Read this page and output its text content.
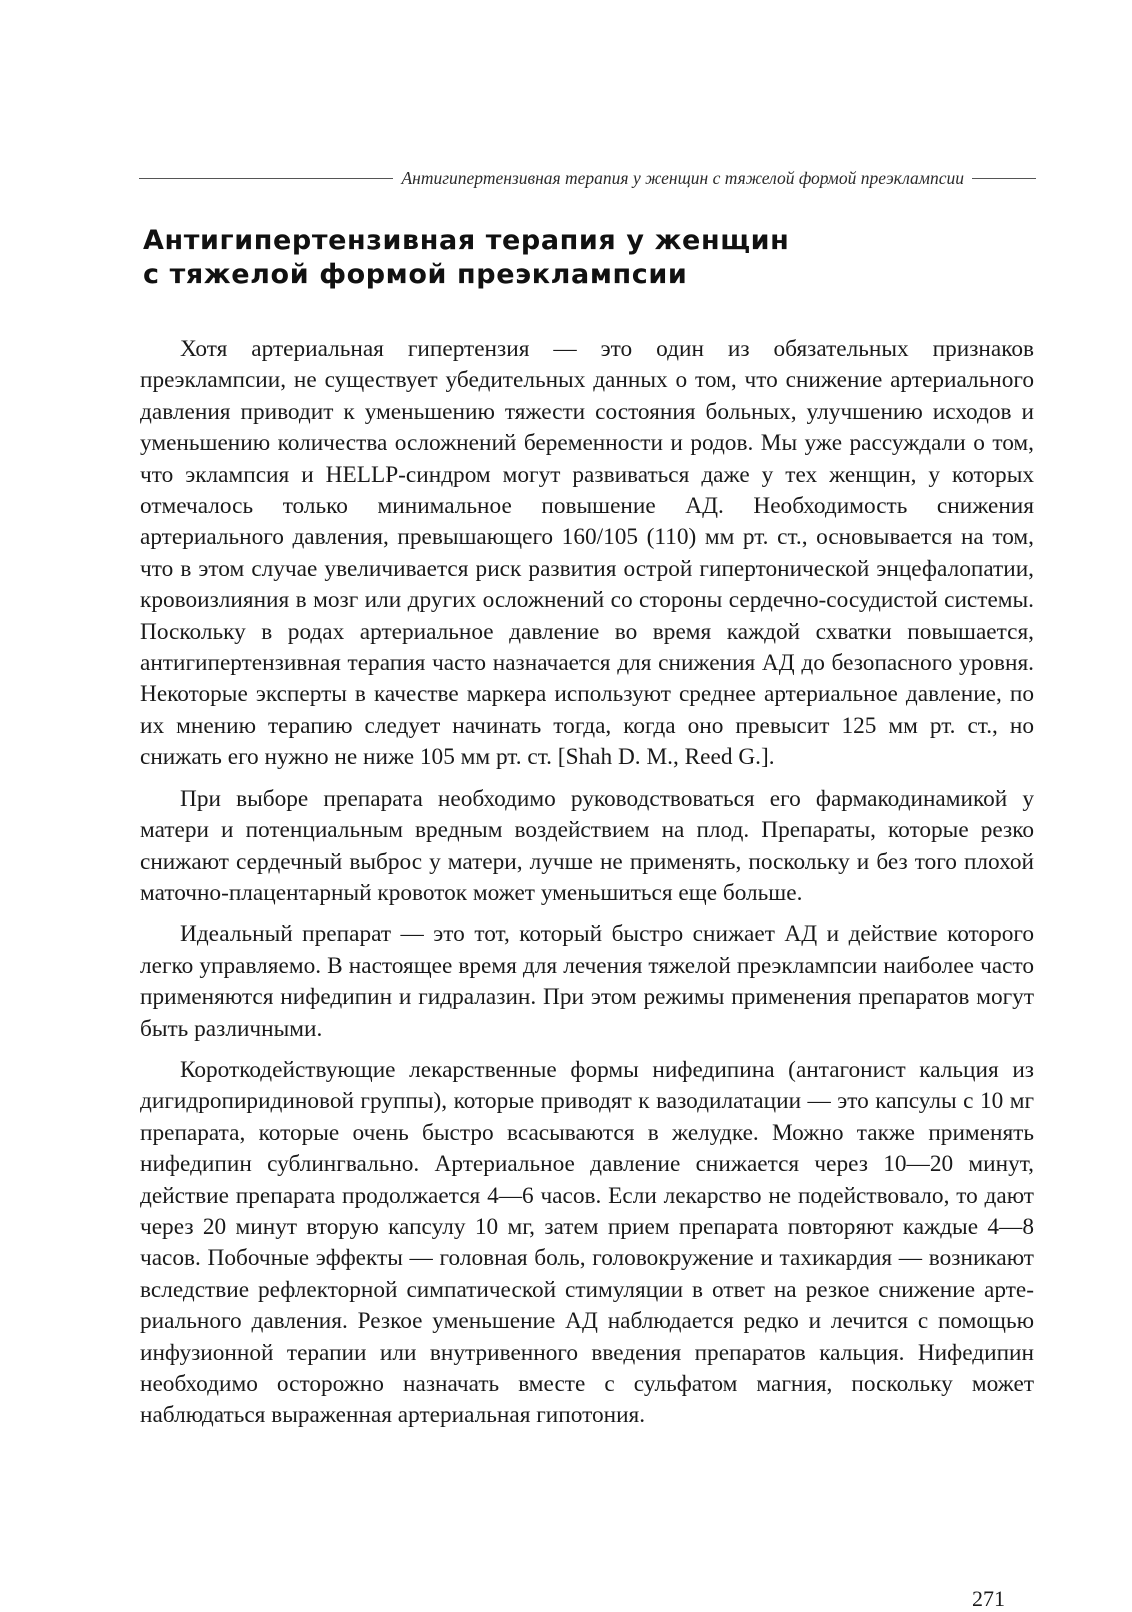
Антигипертензивная терапия у женщин с тяжелой формой преэклампсии
Антигипертензивная терапия у женщин
с тяжелой формой преэклампсии

Хотя артериальная гипертензия — это один из обязательных признаков преэклампсии, не существует убедительных данных о том, что снижение артериального давления приводит к уменьшению тяжести состояния больных, улучшению исходов и уменьшению количества осложнений беременности и родов. Мы уже рассуждали о том, что эклампсия и HELLP-синдром могут развиваться даже у тех женщин, у которых отмечалось только минимальное повышение АД. Необходимость снижения артериального давления, превышающего 160/105 (110) мм рт. ст., основывается на том, что в этом случае увеличивается риск развития острой гипертонической энцефалопатии, кровоизлияния в мозг или других осложнений со стороны сердечно-сосудистой системы. Поскольку в родах артериальное давление во время каждой схватки повышается, антигипертензивная терапия часто назначается для снижения АД до безопасного уровня. Некоторые эксперты в качестве маркера используют среднее артериальное давление, по их мнению терапию следует начинать тогда, когда оно превысит 125 мм рт. ст., но снижать его нужно не ниже 105 мм рт. ст. [Shah D. M., Reed G.].

При выборе препарата необходимо руководствоваться его фармакодинамикой у матери и потенциальным вредным воздействием на плод. Препараты, которые резко снижают сердечный выброс у матери, лучше не применять, поскольку и без того плохой маточно-плацентарный кровоток может уменьшиться еще больше.

Идеальный препарат — это тот, который быстро снижает АД и действие которого легко управляемо. В настоящее время для лечения тяжелой преэклампсии наиболее часто применяются нифедипин и гидралазин. При этом режимы применения препаратов могут быть различными.

Короткодействующие лекарственные формы нифедипина (антагонист кальция из дигидропиридиновой группы), которые приводят к вазодилатации — это капсулы с 10 мг препарата, которые очень быстро всасываются в желудке. Можно также применять нифедипин сублингвально. Артериальное давление снижается через 10—20 минут, действие препарата продолжается 4—6 часов. Если лекарство не подействовало, то дают через 20 минут вторую капсулу 10 мг, затем прием препарата повторяют каждые 4—8 часов. Побочные эффекты — головная боль, головокружение и тахикардия — возникают вследствие рефлекторной симпатической стимуляции в ответ на резкое снижение артериального давления. Резкое уменьшение АД наблюдается редко и лечится с помощью инфузионной терапии или внутривенного введения препаратов кальция. Нифедипин необходимо осторожно назначать вместе с сульфатом магния, поскольку может наблюдаться выраженная артериальная гипотония.

271
